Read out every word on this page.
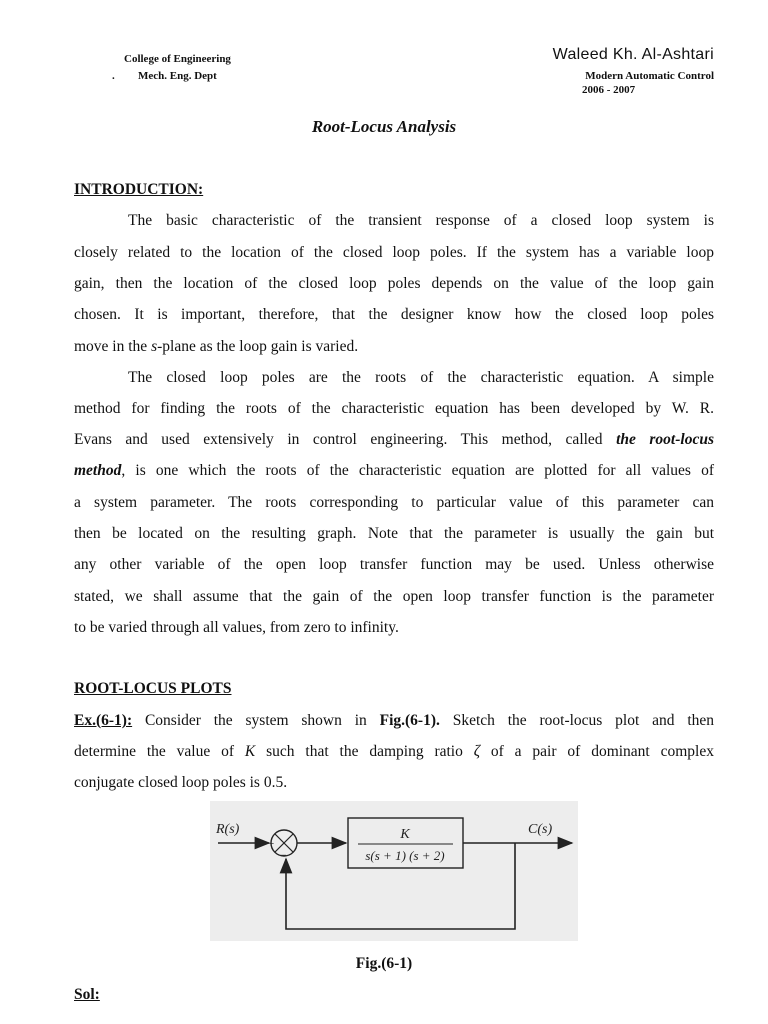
College of Engineering
. Mech. Eng. Dept
Waleed Kh. Al-Ashtari
Modern Automatic Control
2006 - 2007
Root-Locus Analysis
INTRODUCTION:
The basic characteristic of the transient response of a closed loop system is
closely related to the location of the closed loop poles. If the system has a variable loop
gain, then the location of the closed loop poles depends on the value of the loop gain
chosen. It is important, therefore, that the designer know how the closed loop poles
move in the s-plane as the loop gain is varied.
The closed loop poles are the roots of the characteristic equation. A simple
method for finding the roots of the characteristic equation has been developed by W. R.
Evans and used extensively in control engineering. This method, called the root-locus
method, is one which the roots of the characteristic equation are plotted for all values of
a system parameter. The roots corresponding to particular value of this parameter can
then be located on the resulting graph. Note that the parameter is usually the gain but
any other variable of the open loop transfer function may be used. Unless otherwise
stated, we shall assume that the gain of the open loop transfer function is the parameter
to be varied through all values, from zero to infinity.
ROOT-LOCUS PLOTS
Ex.(6-1): Consider the system shown in Fig.(6-1). Sketch the root-locus plot and then
determine the value of K such that the damping ratio ζ of a pair of dominant complex
conjugate closed loop poles is 0.5.
R(s)
+
−
K
s(s + 1) (s + 2)
C(s)
Fig.(6-1)
Sol:
